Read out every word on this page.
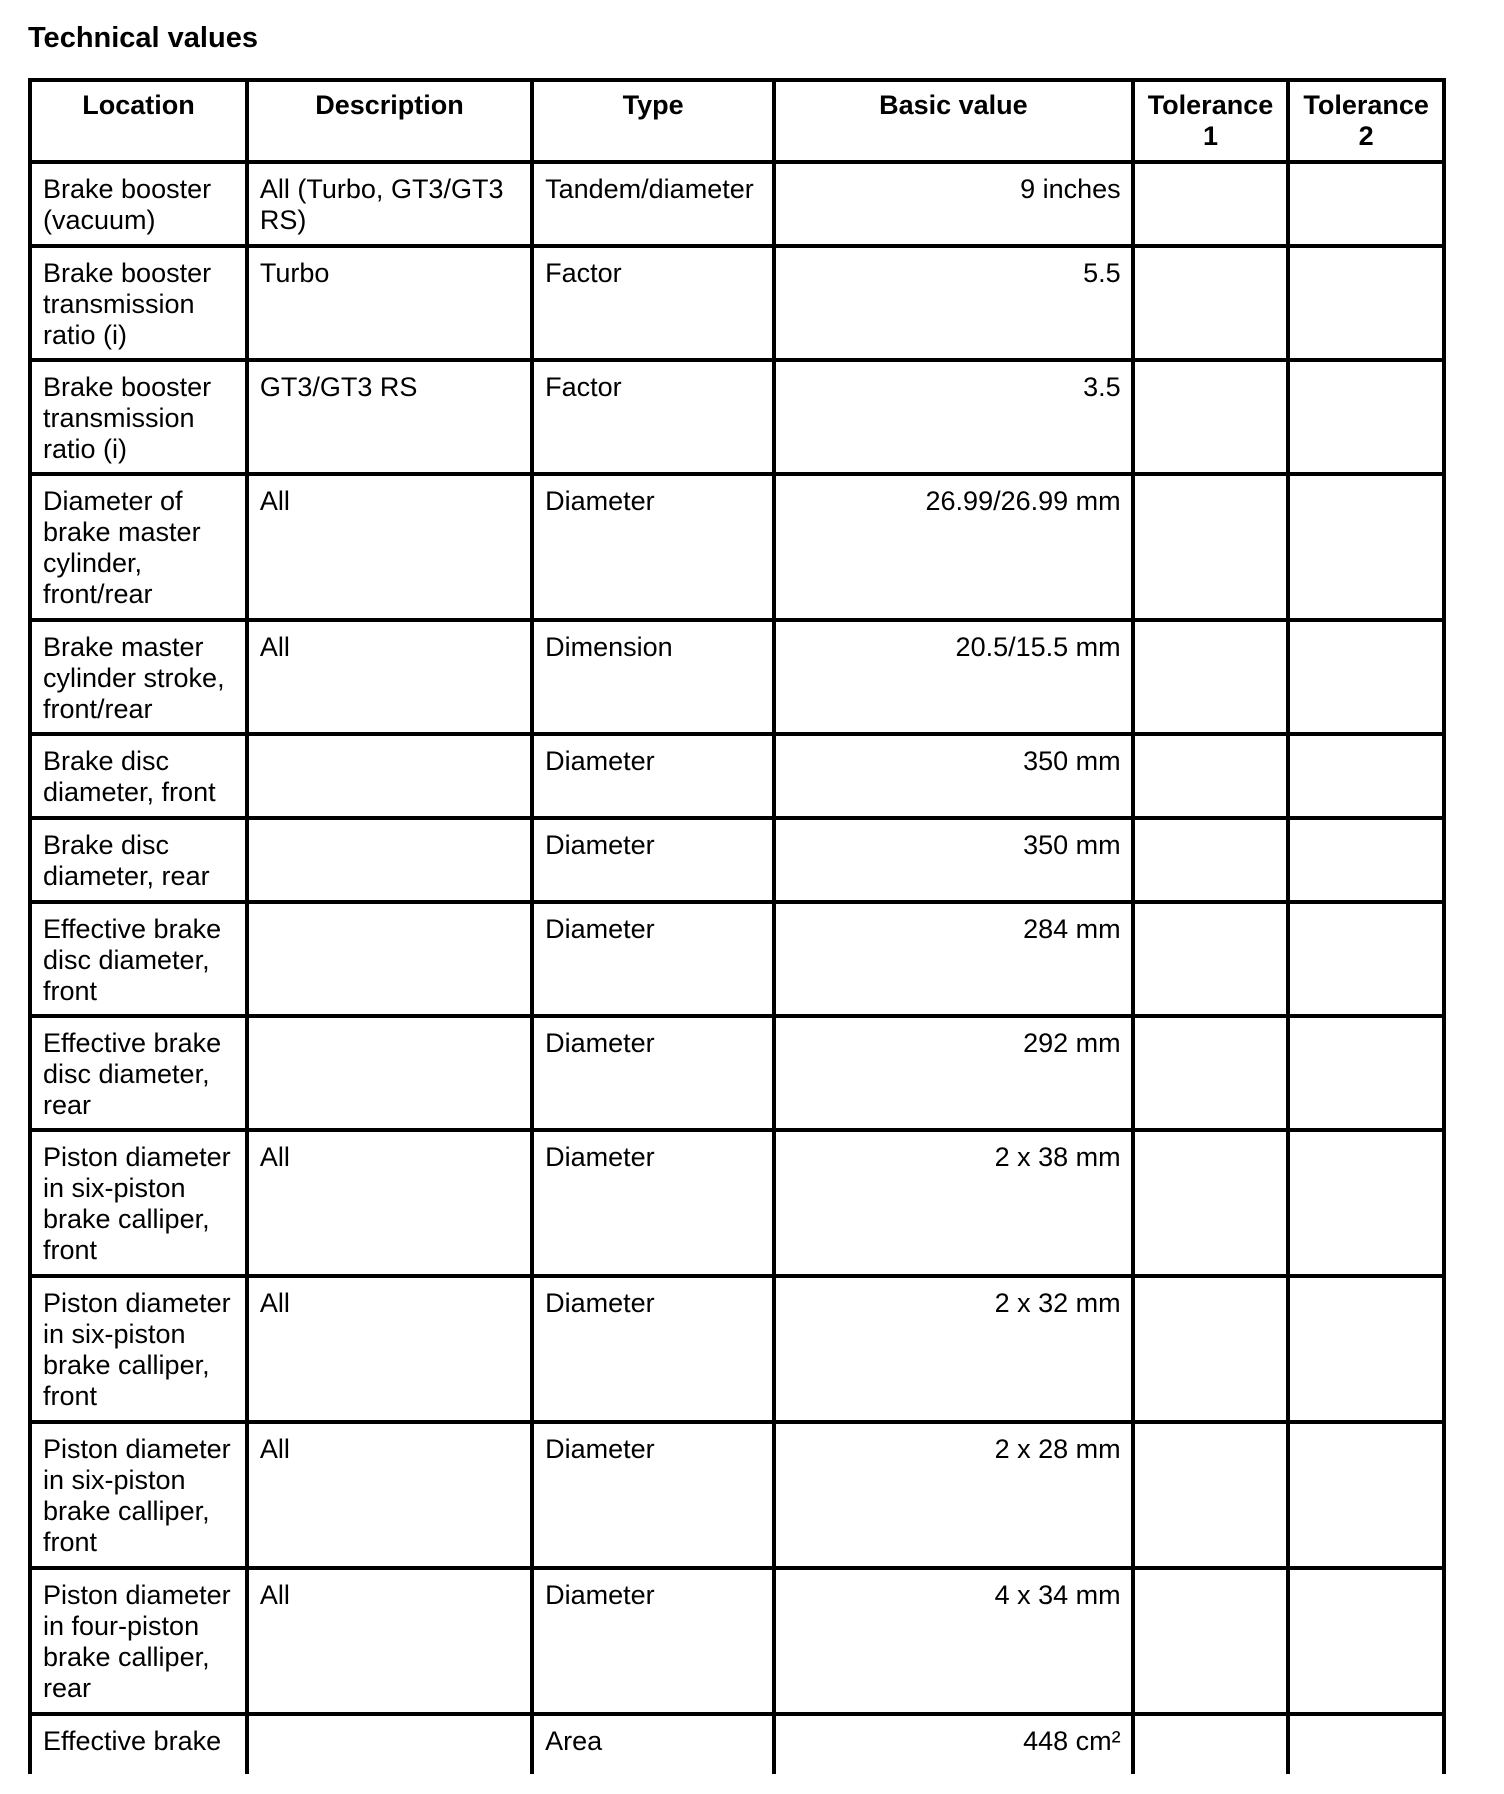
Technical values
Location	Description	Type	Basic value	Tolerance 1	Tolerance 2
Brake booster (vacuum)	All (Turbo, GT3/GT3 RS)	Tandem/diameter	9 inches		
Brake booster transmission ratio (i)	Turbo	Factor	5.5		
Brake booster transmission ratio (i)	GT3/GT3 RS	Factor	3.5		
Diameter of brake master cylinder, front/rear	All	Diameter	26.99/26.99 mm		
Brake master cylinder stroke, front/rear	All	Dimension	20.5/15.5 mm		
Brake disc diameter, front		Diameter	350 mm		
Brake disc diameter, rear		Diameter	350 mm		
Effective brake disc diameter, front		Diameter	284 mm		
Effective brake disc diameter, rear		Diameter	292 mm		
Piston diameter in six-piston brake calliper, front	All	Diameter	2 x 38 mm		
Piston diameter in six-piston brake calliper, front	All	Diameter	2 x 32 mm		
Piston diameter in six-piston brake calliper, front	All	Diameter	2 x 28 mm		
Piston diameter in four-piston brake calliper, rear	All	Diameter	4 x 34 mm		
Effective brake		Area	448 cm²		
